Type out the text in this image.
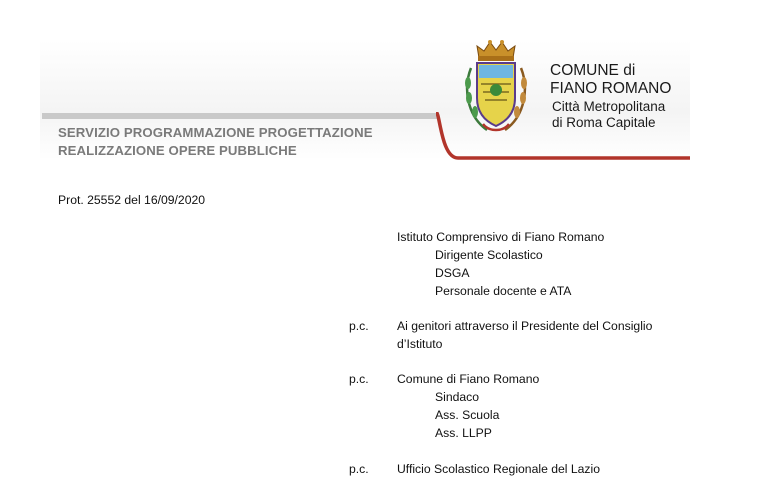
SERVIZIO PROGRAMMAZIONE PROGETTAZIONE
REALIZZAZIONE OPERE PUBBLICHE
COMUNE di
FIANO ROMANO
Città Metropolitana
di Roma Capitale
Prot. 25552 del 16/09/2020
Istituto Comprensivo di Fiano Romano
Dirigente Scolastico
DSGA
Personale docente e ATA
p.c. Ai genitori attraverso il Presidente del Consiglio
d’Istituto
p.c. Comune di Fiano Romano
Sindaco
Ass. Scuola
Ass. LLPP
p.c. Ufficio Scolastico Regionale del Lazio
